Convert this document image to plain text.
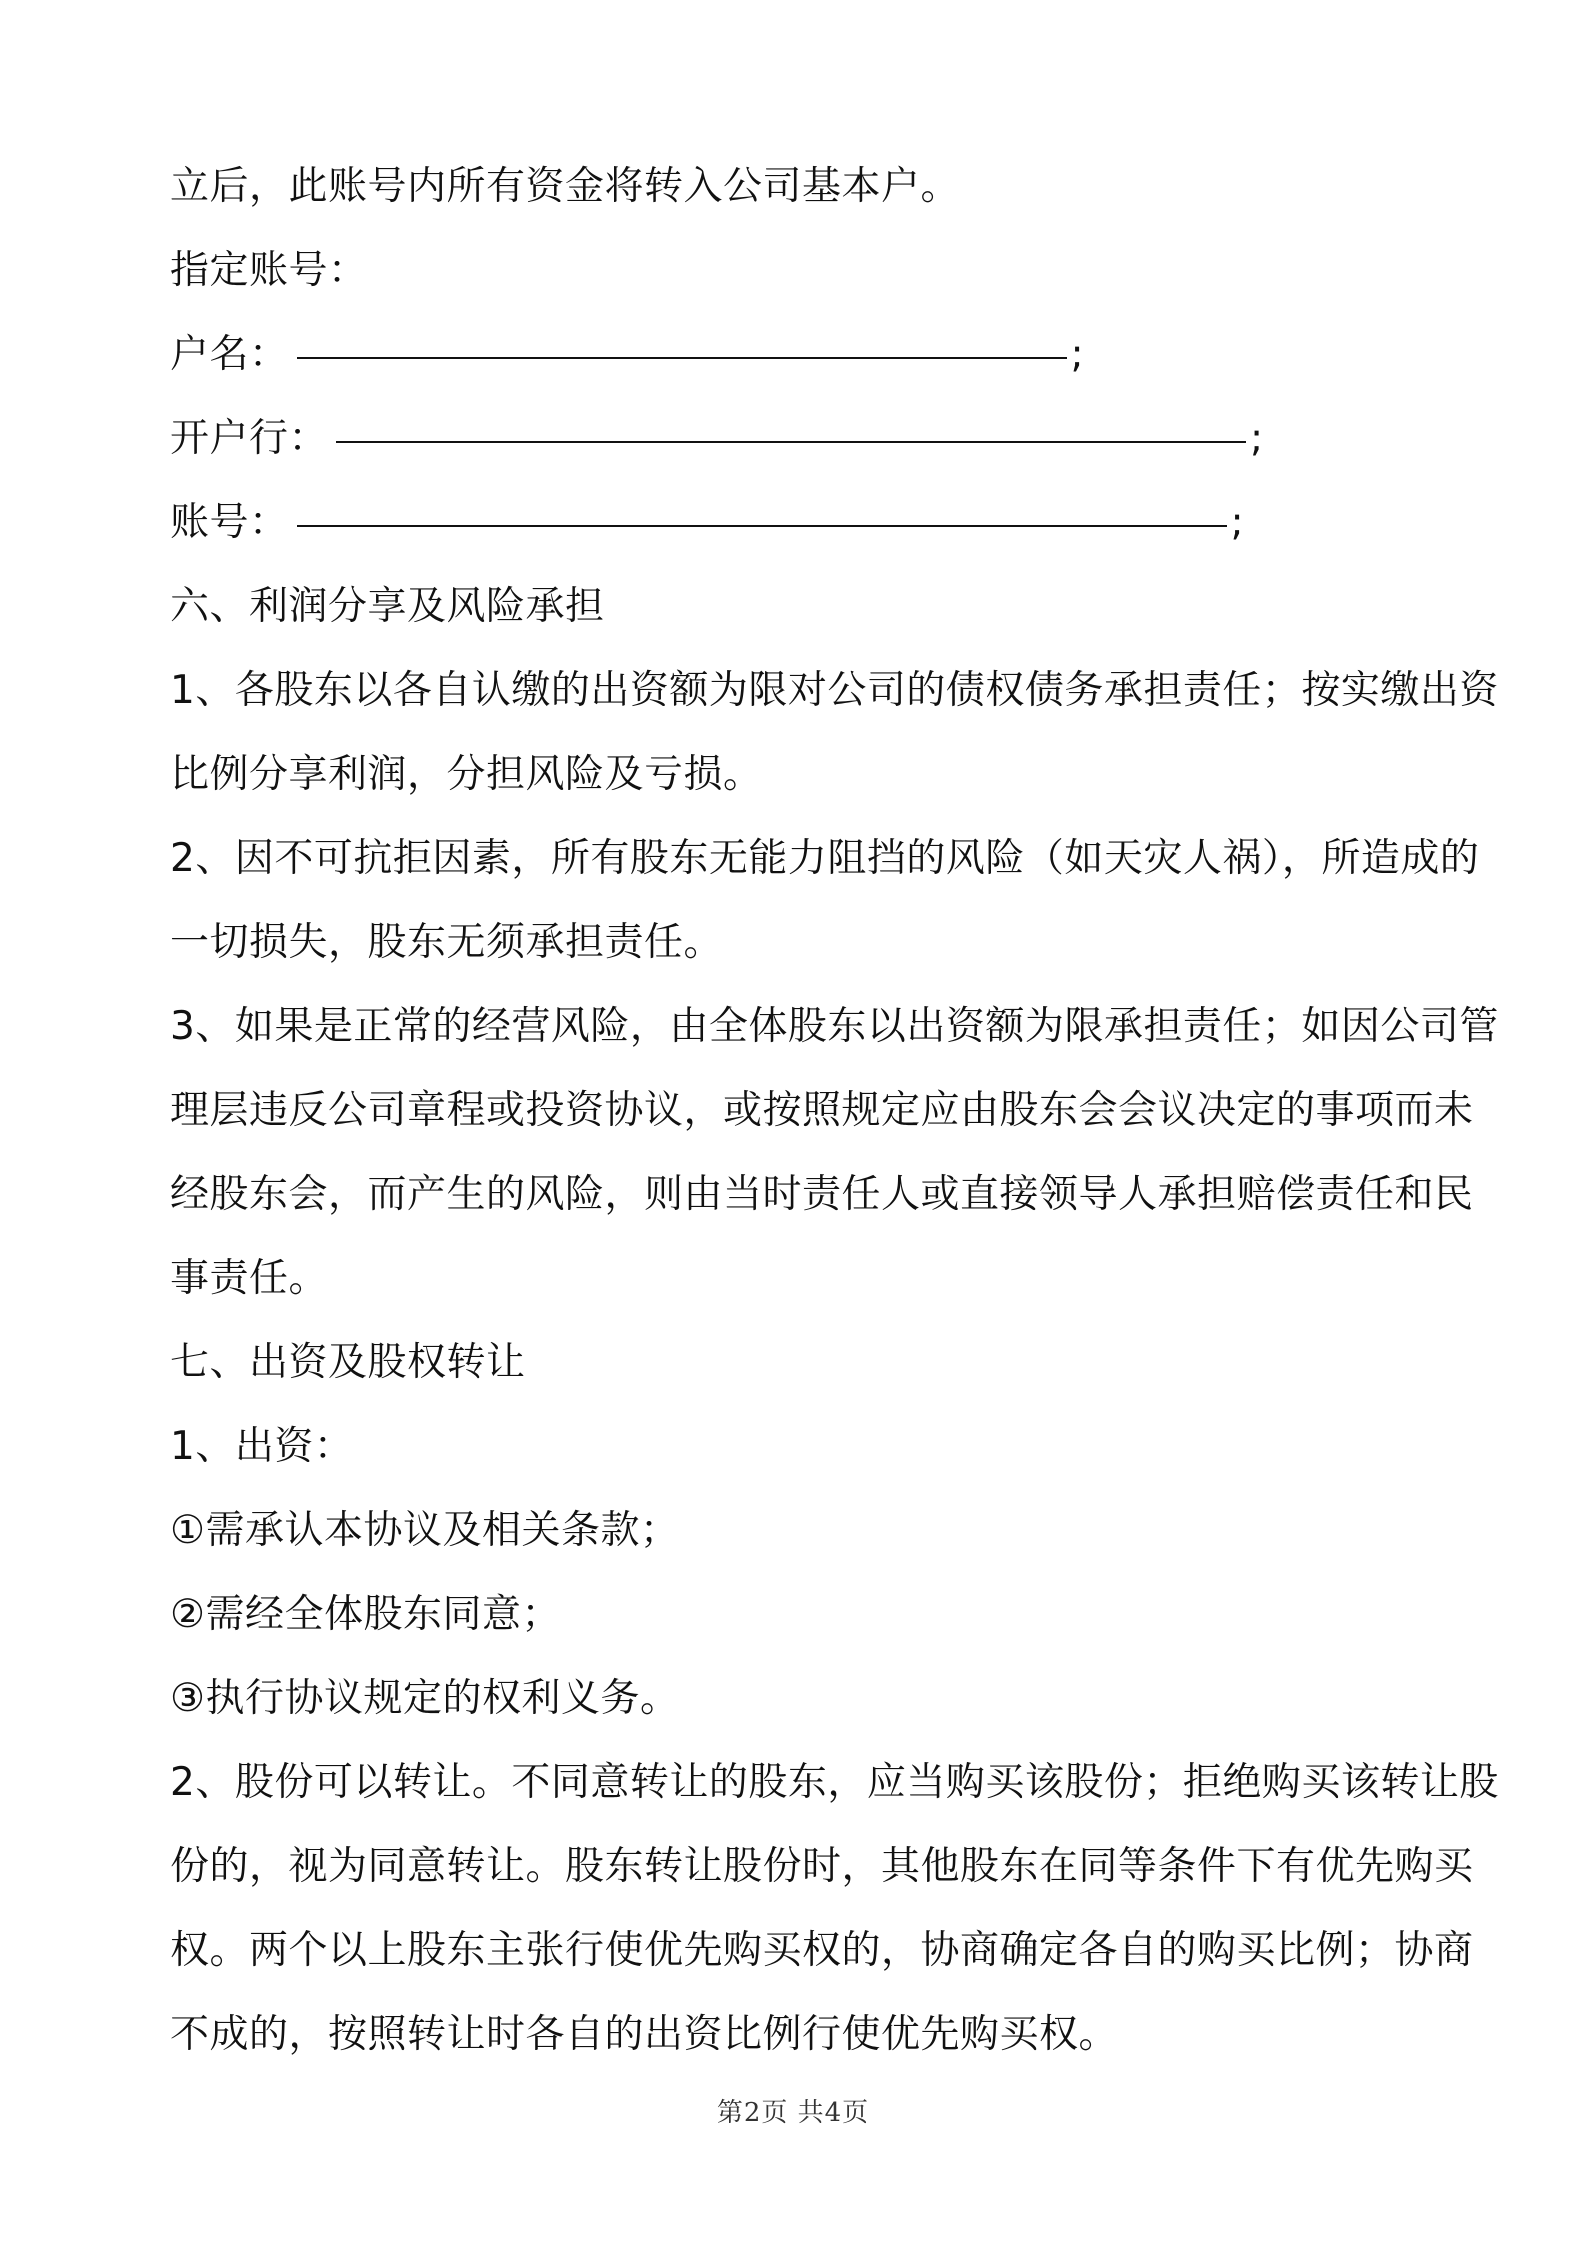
立后，此账号内所有资金将转入公司基本户。
指定账号：
户名：	;
开户行：	;
账号：	;
六、利润分享及风险承担
1、各股东以各自认缴的出资额为限对公司的债权债务承担责任；按实缴出资
比例分享利润，分担风险及亏损。
2、因不可抗拒因素，所有股东无能力阻挡的风险（如天灾人祸），所造成的
一切损失，股东无须承担责任。
3、如果是正常的经营风险，由全体股东以出资额为限承担责任；如因公司管
理层违反公司章程或投资协议，或按照规定应由股东会会议决定的事项而未
经股东会，而产生的风险，则由当时责任人或直接领导人承担赔偿责任和民
事责任。
七、出资及股权转让
1、出资：
①需承认本协议及相关条款；
②需经全体股东同意；
③执行协议规定的权利义务。
2、股份可以转让。不同意转让的股东，应当购买该股份；拒绝购买该转让股
份的，视为同意转让。股东转让股份时，其他股东在同等条件下有优先购买
权。两个以上股东主张行使优先购买权的，协商确定各自的购买比例；协商
不成的，按照转让时各自的出资比例行使优先购买权。
第2页 共4页
